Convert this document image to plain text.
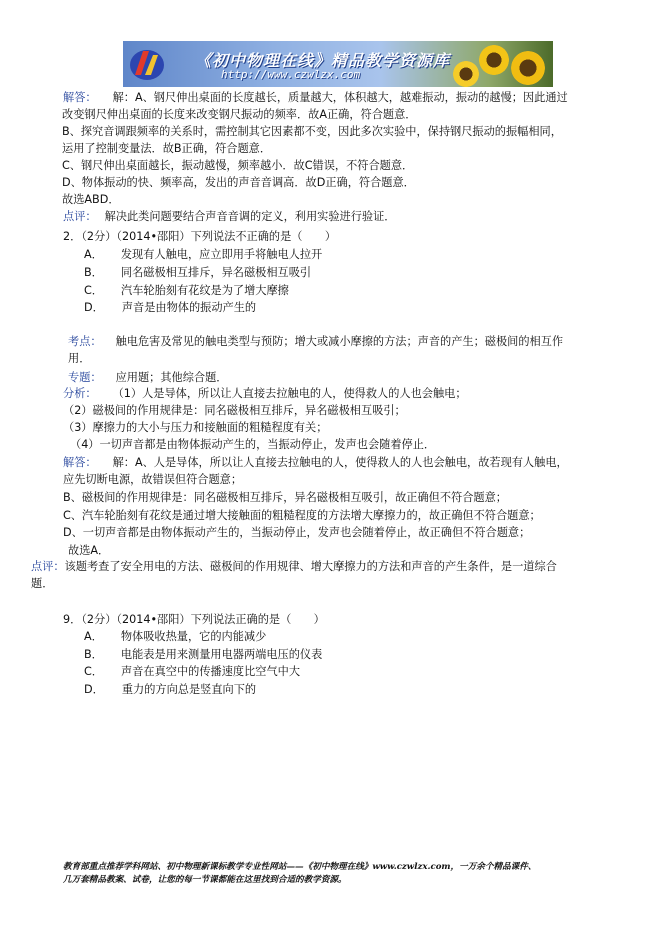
《初中物理在线》精品教学资源库
http://www.czwlzx.com
解答： 解：A、钢尺伸出桌面的长度越长，质量越大，体积越大，越难振动，振动的越慢；因此通过
改变钢尺伸出桌面的长度来改变钢尺振动的频率．故A正确，符合题意．
B、探究音调跟频率的关系时，需控制其它因素都不变，因此多次实验中，保持钢尺振动的振幅相同，
运用了控制变量法．故B正确，符合题意．
C、钢尺伸出桌面越长，振动越慢，频率越小．故C错误，不符合题意．
D、物体振动的快、频率高，发出的声音音调高．故D正确，符合题意．
故选ABD．
点评： 解决此类问题要结合声音音调的定义，利用实验进行验证．
2．（2分）（2014•邵阳）下列说法不正确的是（　　）
A． 发现有人触电，应立即用手将触电人拉开
B． 同名磁极相互排斥，异名磁极相互吸引
C． 汽车轮胎刻有花纹是为了增大摩擦
D． 声音是由物体的振动产生的
考点： 触电危害及常见的触电类型与预防；增大或减小摩擦的方法；声音的产生；磁极间的相互作
用．
专题： 应用题；其他综合题．
分析： （1）人是导体，所以让人直接去拉触电的人，使得救人的人也会触电；
（2）磁极间的作用规律是：同名磁极相互排斥，异名磁极相互吸引；
（3）摩擦力的大小与压力和接触面的粗糙程度有关；
（4）一切声音都是由物体振动产生的，当振动停止，发声也会随着停止．
解答： 解：A、人是导体，所以让人直接去拉触电的人，使得救人的人也会触电，故若现有人触电，
应先切断电源，故错误但符合题意；
B、磁极间的作用规律是：同名磁极相互排斥，异名磁极相互吸引，故正确但不符合题意；
C、汽车轮胎刻有花纹是通过增大接触面的粗糙程度的方法增大摩擦力的，故正确但不符合题意；
D、一切声音都是由物体振动产生的，当振动停止，发声也会随着停止，故正确但不符合题意；
故选A．
点评：该题考查了安全用电的方法、磁极间的作用规律、增大摩擦力的方法和声音的产生条件，是一道综合
题．
9．（2分）（2014•邵阳）下列说法正确的是（　　）
A． 物体吸收热量，它的内能减少
B． 电能表是用来测量用电器两端电压的仪表
C． 声音在真空中的传播速度比空气中大
D． 重力的方向总是竖直向下的
教育部重点推荐学科网站、初中物理新课标教学专业性网站——《初中物理在线》www.czwlzx.com，一万余个精品课件、
几万套精品教案、试卷，让您的每一节课都能在这里找到合适的教学资源。
